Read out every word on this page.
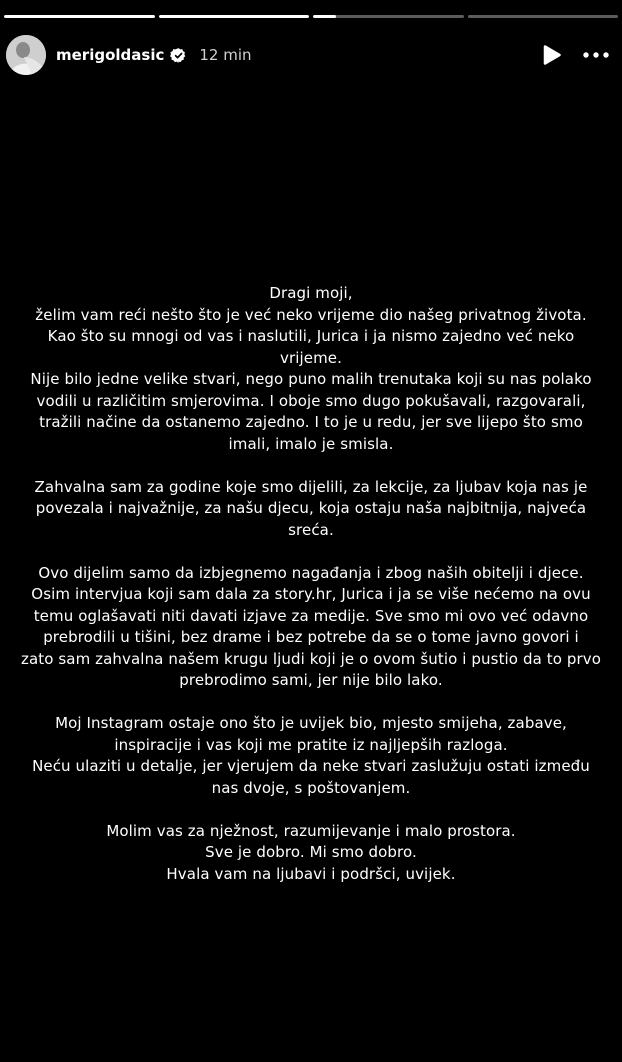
merigoldasic 12 min

Dragi moji,
želim vam reći nešto što je već neko vrijeme dio našeg privatnog života.
Kao što su mnogi od vas i naslutili, Jurica i ja nismo zajedno već neko
vrijeme.
Nije bilo jedne velike stvari, nego puno malih trenutaka koji su nas polako
vodili u različitim smjerovima. I oboje smo dugo pokušavali, razgovarali,
tražili načine da ostanemo zajedno. I to je u redu, jer sve lijepo što smo
imali, imalo je smisla.

Zahvalna sam za godine koje smo dijelili, za lekcije, za ljubav koja nas je
povezala i najvažnije, za našu djecu, koja ostaju naša najbitnija, najveća
sreća.

Ovo dijelim samo da izbjegnemo nagađanja i zbog naših obitelji i djece.
Osim intervjua koji sam dala za story.hr, Jurica i ja se više nećemo na ovu
temu oglašavati niti davati izjave za medije. Sve smo mi ovo već odavno
prebrodili u tišini, bez drame i bez potrebe da se o tome javno govori i
zato sam zahvalna našem krugu ljudi koji je o ovom šutio i pustio da to prvo
prebrodimo sami, jer nije bilo lako.

Moj Instagram ostaje ono što je uvijek bio, mjesto smijeha, zabave,
inspiracije i vas koji me pratite iz najljepših razloga.
Neću ulaziti u detalje, jer vjerujem da neke stvari zaslužuju ostati između
nas dvoje, s poštovanjem.

Molim vas za nježnost, razumijevanje i malo prostora.
Sve je dobro. Mi smo dobro.
Hvala vam na ljubavi i podršci, uvijek.
